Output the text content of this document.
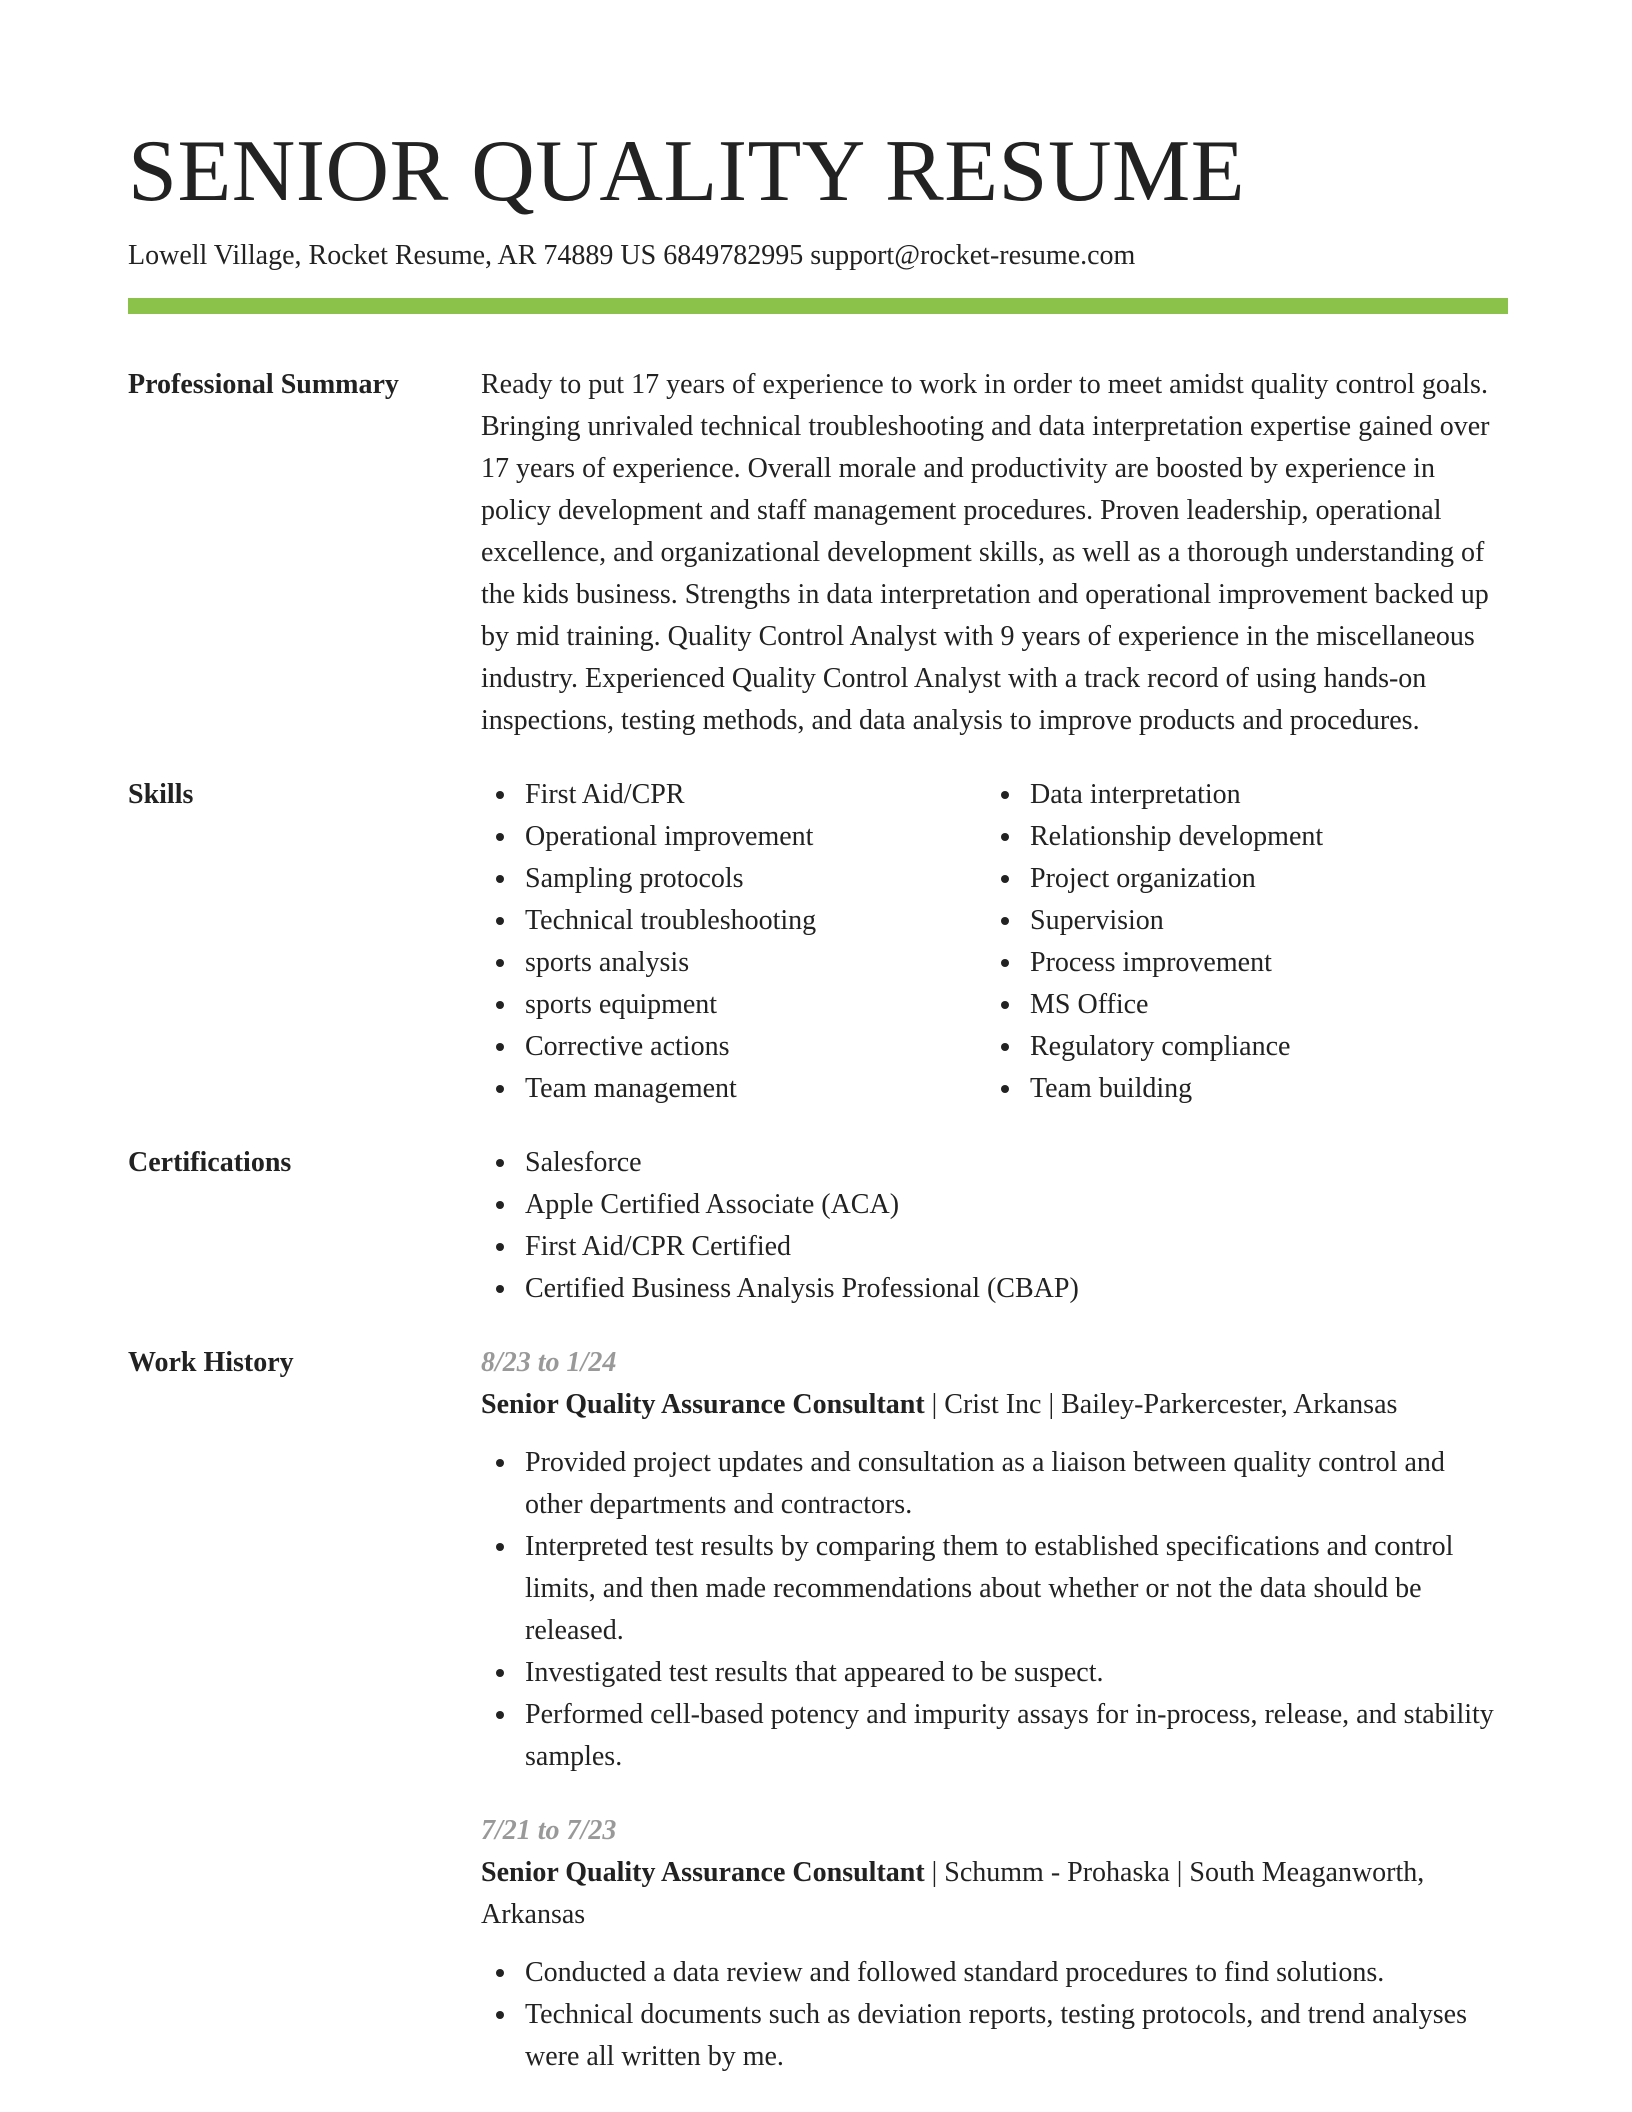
SENIOR QUALITY RESUME
Lowell Village, Rocket Resume, AR 74889 US 6849782995 support@rocket-resume.com
Professional Summary	Ready to put 17 years of experience to work in order to meet amidst quality control goals. Bringing unrivaled technical troubleshooting and data interpretation expertise gained over 17 years of experience. Overall morale and productivity are boosted by experience in policy development and staff management procedures. Proven leadership, operational excellence, and organizational development skills, as well as a thorough understanding of the kids business. Strengths in data interpretation and operational improvement backed up by mid training. Quality Control Analyst with 9 years of experience in the miscellaneous industry. Experienced Quality Control Analyst with a track record of using hands-on inspections, testing methods, and data analysis to improve products and procedures.
Skills	First Aid/CPR
Operational improvement
Sampling protocols
Technical troubleshooting
sports analysis
sports equipment
Corrective actions
Team management
Data interpretation
Relationship development
Project organization
Supervision
Process improvement
MS Office
Regulatory compliance
Team building
Certifications	Salesforce
Apple Certified Associate (ACA)
First Aid/CPR Certified
Certified Business Analysis Professional (CBAP)
Work History	8/23 to 1/24
Senior Quality Assurance Consultant | Crist Inc | Bailey-Parkercester, Arkansas
Provided project updates and consultation as a liaison between quality control and other departments and contractors.
Interpreted test results by comparing them to established specifications and control limits, and then made recommendations about whether or not the data should be released.
Investigated test results that appeared to be suspect.
Performed cell-based potency and impurity assays for in-process, release, and stability samples.
7/21 to 7/23
Senior Quality Assurance Consultant | Schumm - Prohaska | South Meaganworth, Arkansas
Conducted a data review and followed standard procedures to find solutions.
Technical documents such as deviation reports, testing protocols, and trend analyses were all written by me.
